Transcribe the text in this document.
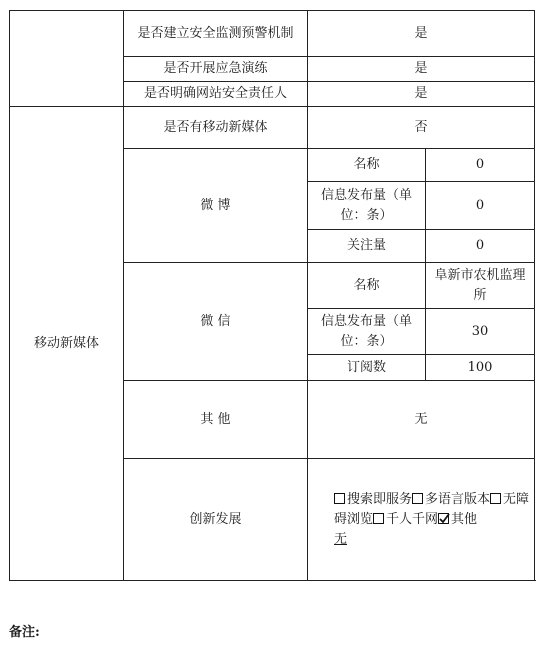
	是否建立安全监测预警机制	是	
	是否开展应急演练	是	
	是否明确网站安全责任人	是	
移动新媒体	是否有移动新媒体	否	
	微 博	名称	0
		信息发布量（单位：条）	0
		关注量	0
	微 信	名称	阜新市农机监理所
		信息发布量（单位：条）	30
		订阅数	100
	其 他	无	
	创新发展	搜索即服务 多语言版本 无障碍浏览 千人千网 其他
无	
备注:
